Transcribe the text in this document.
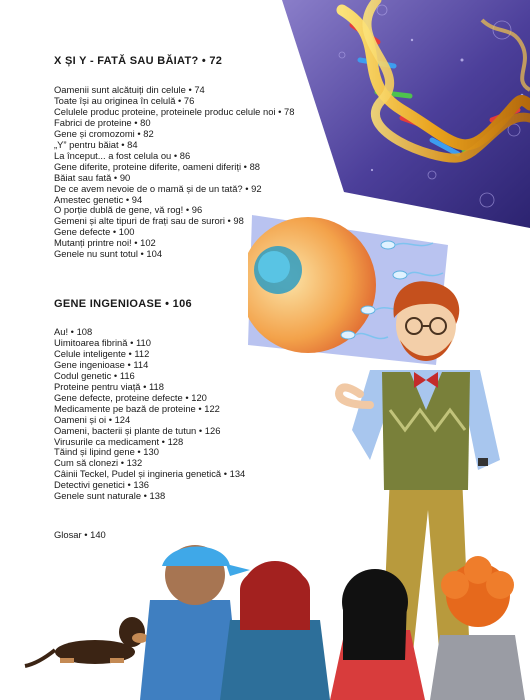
X ȘI Y - FATĂ SAU BĂIAT? • 72
Oamenii sunt alcătuiți din celule • 74
Toate își au originea în celulă • 76
Celulele produc proteine, proteinele produc celule noi • 78
Fabrici de proteine • 80
Gene și cromozomi • 82
„Y” pentru băiat • 84
La început... a fost celula ou • 86
Gene diferite, proteine diferite, oameni diferiți • 88
Băiat sau fată • 90
De ce avem nevoie de o mamă și de un tată? • 92
Amestec genetic • 94
O porție dublă de gene, vă rog! • 96
Gemeni și alte tipuri de frați sau de surori • 98
Gene defecte • 100
Mutanți printre noi! • 102
Genele nu sunt totul • 104
GENE INGENIOASE • 106
Au! • 108
Uimitoarea fibrină • 110
Celule inteligente • 112
Gene ingenioase • 114
Codul genetic • 116
Proteine pentru viață • 118
Gene defecte, proteine defecte • 120
Medicamente pe bază de proteine • 122
Oameni și oi • 124
Oameni, bacterii și plante de tutun • 126
Virusurile ca medicament • 128
Tăind și lipind gene • 130
Cum să clonezi • 132
Câinii Teckel, Pudel și ingineria genetică • 134
Detectivi genetici • 136
Genele sunt naturale • 138
Glosar • 140
